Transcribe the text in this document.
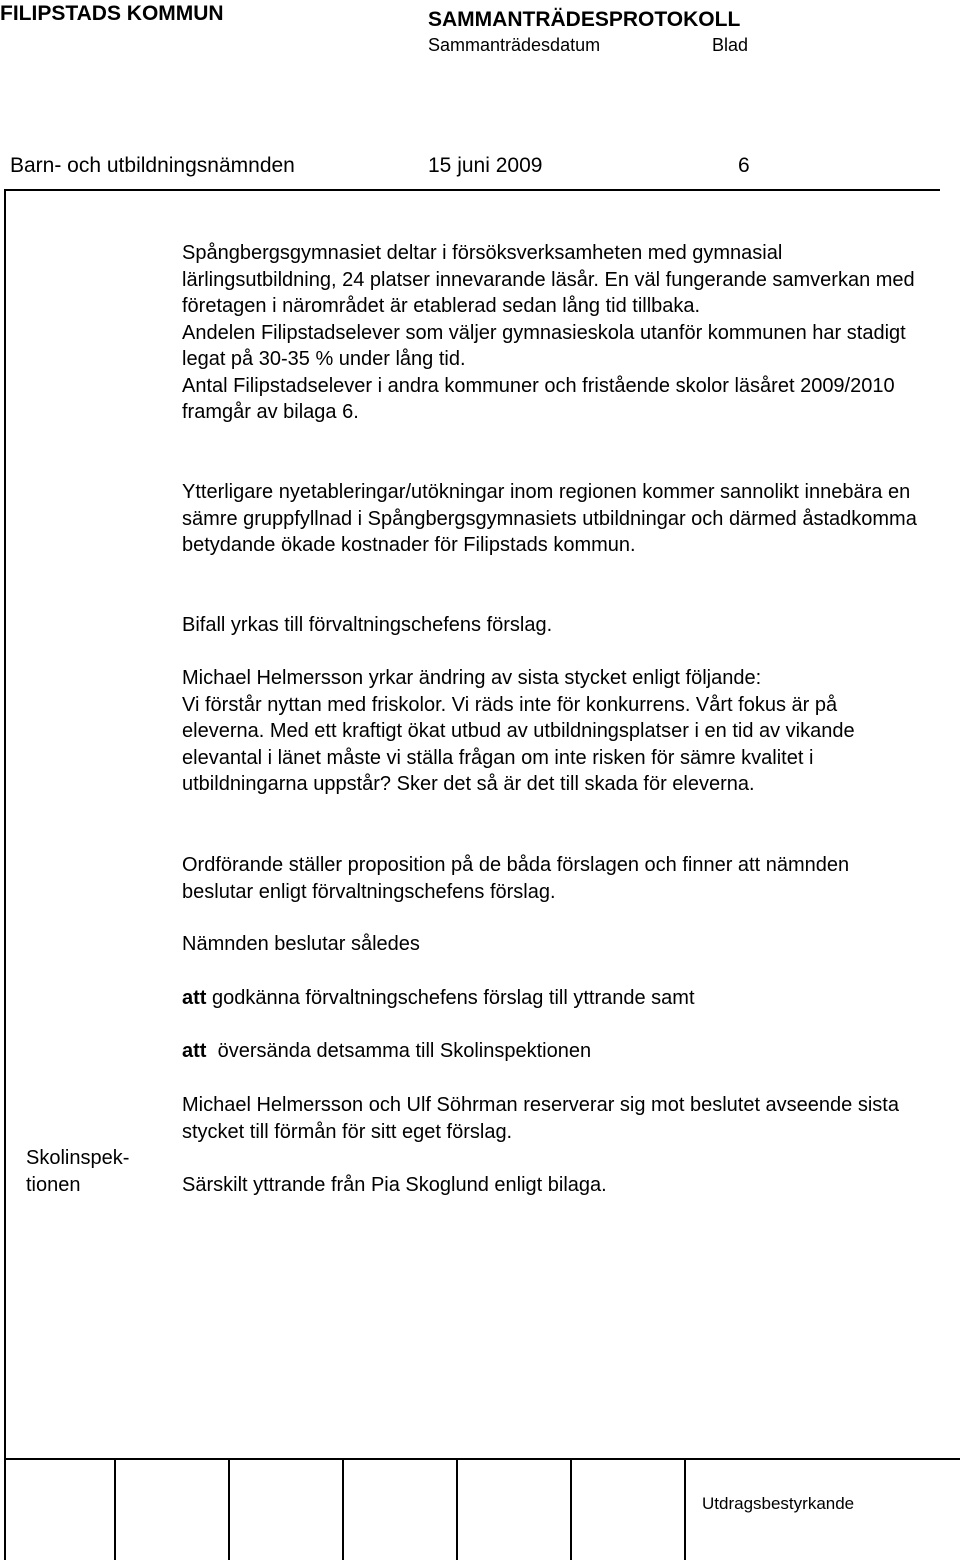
FILIPSTADS KOMMUN	SAMMANTRÄDESPROTOKOLL
Sammanträdesdatum	Blad
Barn- och utbildningsnämnden	15 juni 2009	6

Spångbergsgymnasiet deltar i försöksverksamheten med gymnasial lärlingsutbildning, 24 platser innevarande läsår. En väl fungerande samverkan med företagen i närområdet är etablerad sedan lång tid tillbaka.

Andelen Filipstadselever som väljer gymnasieskola utanför kommunen har stadigt legat på 30-35 % under lång tid.

Antal Filipstadselever i andra kommuner och fristående skolor läsåret 2009/2010 framgår av bilaga 6.

Ytterligare nyetableringar/utökningar inom regionen kommer sannolikt innebära en sämre gruppfyllnad i Spångbergsgymnasiets utbildningar och därmed åstadkomma betydande ökade kostnader för Filipstads kommun.

Bifall yrkas till förvaltningschefens förslag.

Michael Helmersson yrkar ändring av sista stycket enligt följande:

Vi förstår nyttan med friskolor. Vi räds inte för konkurrens. Vårt fokus är på eleverna. Med ett kraftigt ökat utbud av utbildningsplatser i en tid av vikande elevantal i länet måste vi ställa frågan om inte risken för sämre kvalitet i utbildningarna uppstår? Sker det så är det till skada för eleverna.

Ordförande ställer proposition på de båda förslagen och finner att nämnden beslutar enligt förvaltningschefens förslag.

Nämnden beslutar således

att godkänna förvaltningschefens förslag till yttrande samt

att översända detsamma till Skolinspektionen

Michael Helmersson och Ulf Söhrman reserverar sig mot beslutet avseende sista stycket till förmån för sitt eget förslag.

Särskilt yttrande från Pia Skoglund enligt bilaga.

Skolinspek-
tionen
Utdragsbestyrkande
